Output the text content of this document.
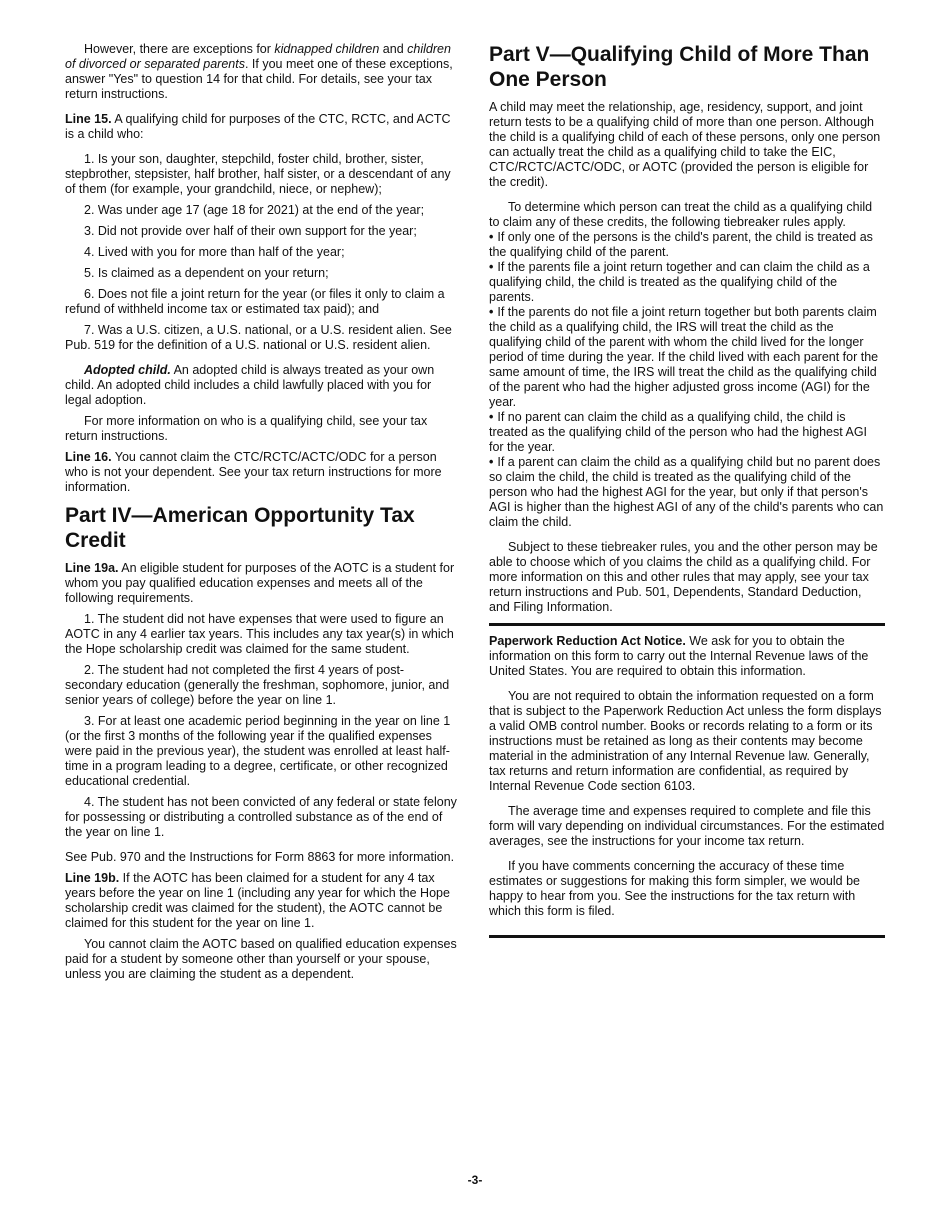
However, there are exceptions for kidnapped children and children of divorced or separated parents. If you meet one of these exceptions, answer "Yes" to question 14 for that child. For details, see your tax return instructions.

Line 15. A qualifying child for purposes of the CTC, RCTC, and ACTC is a child who:

1. Is your son, daughter, stepchild, foster child, brother, sister, stepbrother, stepsister, half brother, half sister, or a descendant of any of them (for example, your grandchild, niece, or nephew);

2. Was under age 17 (age 18 for 2021) at the end of the year;

3. Did not provide over half of their own support for the year;

4. Lived with you for more than half of the year;

5. Is claimed as a dependent on your return;

6. Does not file a joint return for the year (or files it only to claim a refund of withheld income tax or estimated tax paid); and

7. Was a U.S. citizen, a U.S. national, or a U.S. resident alien. See Pub. 519 for the definition of a U.S. national or U.S. resident alien.

Adopted child. An adopted child is always treated as your own child. An adopted child includes a child lawfully placed with you for legal adoption.

For more information on who is a qualifying child, see your tax return instructions.

Line 16. You cannot claim the CTC/RCTC/ACTC/ODC for a person who is not your dependent. See your tax return instructions for more information.

Part IV—American Opportunity Tax Credit

Line 19a. An eligible student for purposes of the AOTC is a student for whom you pay qualified education expenses and meets all of the following requirements.

1. The student did not have expenses that were used to figure an AOTC in any 4 earlier tax years. This includes any tax year(s) in which the Hope scholarship credit was claimed for the same student.

2. The student had not completed the first 4 years of post-secondary education (generally the freshman, sophomore, junior, and senior years of college) before the year on line 1.

3. For at least one academic period beginning in the year on line 1 (or the first 3 months of the following year if the qualified expenses were paid in the previous year), the student was enrolled at least half-time in a program leading to a degree, certificate, or other recognized educational credential.

4. The student has not been convicted of any federal or state felony for possessing or distributing a controlled substance as of the end of the year on line 1.

See Pub. 970 and the Instructions for Form 8863 for more information.

Line 19b. If the AOTC has been claimed for a student for any 4 tax years before the year on line 1 (including any year for which the Hope scholarship credit was claimed for the student), the AOTC cannot be claimed for this student for the year on line 1.

You cannot claim the AOTC based on qualified education expenses paid for a student by someone other than yourself or your spouse, unless you are claiming the student as a dependent.

Part V—Qualifying Child of More Than One Person

A child may meet the relationship, age, residency, support, and joint return tests to be a qualifying child of more than one person. Although the child is a qualifying child of each of these persons, only one person can actually treat the child as a qualifying child to take the EIC, CTC/RCTC/ACTC/ODC, or AOTC (provided the person is eligible for the credit).

To determine which person can treat the child as a qualifying child to claim any of these credits, the following tiebreaker rules apply.

• If only one of the persons is the child's parent, the child is treated as the qualifying child of the parent.

• If the parents file a joint return together and can claim the child as a qualifying child, the child is treated as the qualifying child of the parents.

• If the parents do not file a joint return together but both parents claim the child as a qualifying child, the IRS will treat the child as the qualifying child of the parent with whom the child lived for the longer period of time during the year. If the child lived with each parent for the same amount of time, the IRS will treat the child as the qualifying child of the parent who had the higher adjusted gross income (AGI) for the year.

• If no parent can claim the child as a qualifying child, the child is treated as the qualifying child of the person who had the highest AGI for the year.

• If a parent can claim the child as a qualifying child but no parent does so claim the child, the child is treated as the qualifying child of the person who had the highest AGI for the year, but only if that person's AGI is higher than the highest AGI of any of the child's parents who can claim the child.

Subject to these tiebreaker rules, you and the other person may be able to choose which of you claims the child as a qualifying child. For more information on this and other rules that may apply, see your tax return instructions and Pub. 501, Dependents, Standard Deduction, and Filing Information.

Paperwork Reduction Act Notice. We ask for you to obtain the information on this form to carry out the Internal Revenue laws of the United States. You are required to obtain this information.

You are not required to obtain the information requested on a form that is subject to the Paperwork Reduction Act unless the form displays a valid OMB control number. Books or records relating to a form or its instructions must be retained as long as their contents may become material in the administration of any Internal Revenue law. Generally, tax returns and return information are confidential, as required by Internal Revenue Code section 6103.

The average time and expenses required to complete and file this form will vary depending on individual circumstances. For the estimated averages, see the instructions for your income tax return.

If you have comments concerning the accuracy of these time estimates or suggestions for making this form simpler, we would be happy to hear from you. See the instructions for the tax return with which this form is filed.

-3-
